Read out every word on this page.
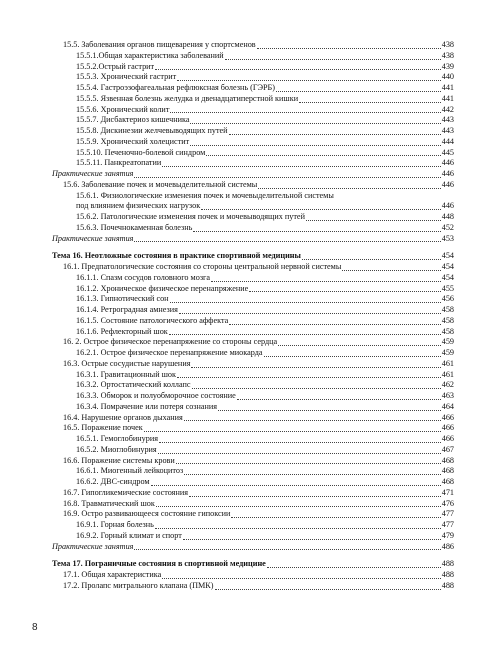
15.5. Заболевания органов пищеварения у спортсменов	438
15.5.1.Общая характеристика заболеваний	438
15.5.2.Острый гастрит	439
15.5.3. Хронический гастрит	440
15.5.4. Гастроэзофагеальная рефлюксная болезнь (ГЭРБ)	441
15.5.5. Язвенная болезнь желудка и двенадцатиперстной кишки	441
15.5.6. Хронический колит	442
15.5.7. Дисбактериоз кишечника	443
15.5.8. Дискинезии желчевыводящих путей	443
15.5.9. Хронический холецистит	444
15.5.10. Печеночно-болевой синдром	445
15.5.11. Панкреатопатии	446
Практические занятия	446
15.6. Заболевание почек и мочевыделительной системы	446
15.6.1. Физиологические изменения почек и мочевыделительной системы
под влиянием физических нагрузок	446
15.6.2. Патологические изменения почек и мочевыводящих путей	448
15.6.3. Почечнокаменная болезнь	452
Практические занятия	453
Тема 16. Неотложные состояния в практике спортивной медицины	454
16.1. Предпатологические состояния со стороны центральной нервной системы	454
16.1.1. Спазм сосудов головного мозга	454
16.1.2. Хроническое физическое перенапряжение	455
16.1.3. Гипнотический сон	456
16.1.4. Ретроградная амнезия	458
16.1.5. Состояние патологического аффекта	458
16.1.6. Рефлекторный шок	458
16. 2. Острое физическое перенапряжение со стороны сердца	459
16.2.1. Острое физическое перенапряжение миокарда	459
16.3. Острые сосудистые нарушения	461
16.3.1. Гравитационный шок	461
16.3.2. Ортостатический коллапс	462
16.3.3. Обморок и полуобморочное состояние	463
16.3.4. Помрачение или потеря сознания	464
16.4. Нарушение органов дыхания	466
16.5. Поражение почек	466
16.5.1. Гемоглобинурия	466
16.5.2. Миоглобинурия	467
16.6. Поражение системы крови	468
16.6.1. Миогенный лейкоцитоз	468
16.6.2. ДВС-синдром	468
16.7. Гипогликемические состояния	471
16.8. Травматический шок	476
16.9. Остро развивающееся состояние гипоксии	477
16.9.1. Горная болезнь	477
16.9.2. Горный климат и спорт	479
Практические занятия	486
Тема 17. Пограничные состояния в спортивной медицине	488
17.1. Общая характеристика	488
17.2. Пролапс митрального клапана (ПМК)	488
8
